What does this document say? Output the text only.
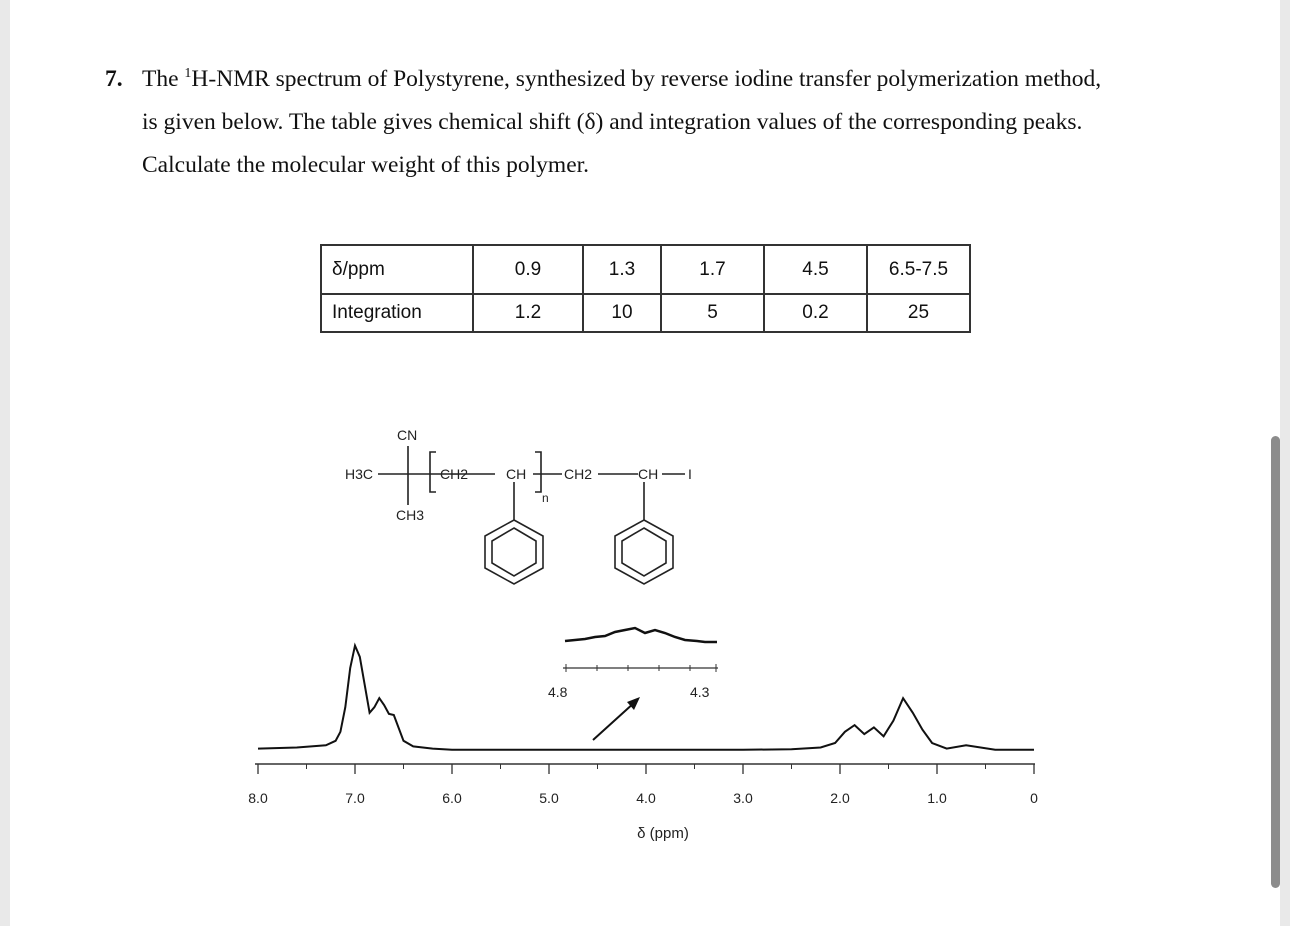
7. The $^1$H-NMR spectrum of Polystyrene, synthesized by reverse iodine transfer polymerization method,
is given below. The table gives chemical shift (δ) and integration values of the corresponding peaks.
Calculate the molecular weight of this polymer.
δ/ppm	0.9	1.3	1.7	4.5	6.5-7.5
Integration	1.2	10	5	0.2	25
CN
H3C
CH3
CH2	CH
n
CH2	CH I
4.8	4.3
8.0	7.0	6.0	5.0	4.0	3.0	2.0	1.0	0
δ (ppm)
